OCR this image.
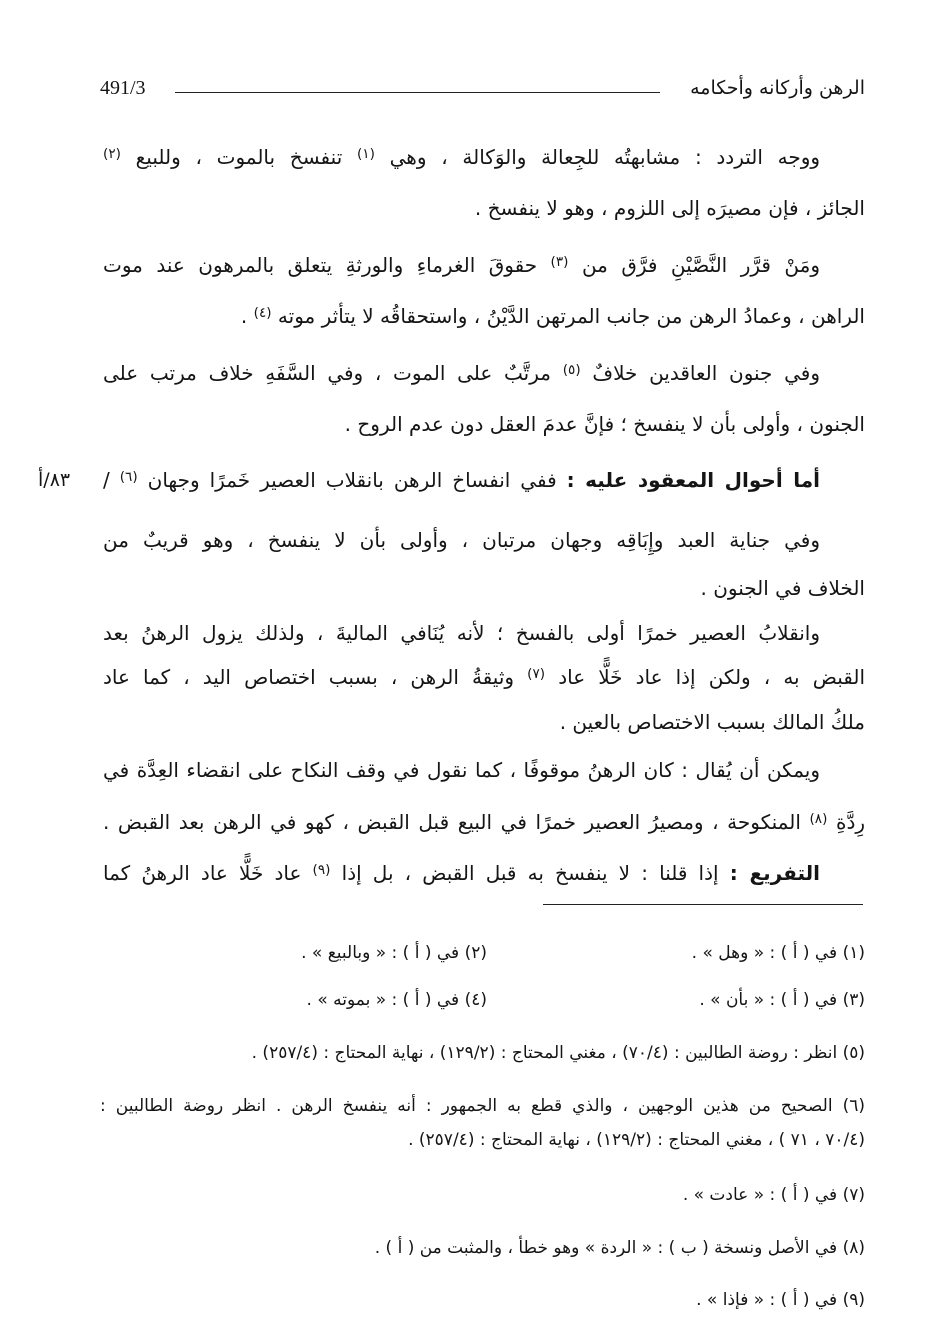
الرهن وأركانه وأحكامه
491/3
ووجه التردد : مشابهتُه للجِعالة والوَكالة ، وهي $^{(١)}$ تنفسخ بالموت ، وللبيع $^{(٢)}$
الجائز ، فإن مصيرَه إلى اللزوم ، وهو لا ينفسخ .
ومَنْ قرَّر النَّصَّيْنِ فرَّق من $^{(٣)}$ حقوقَ الغرماءِ والورثةِ يتعلق بالمرهون عند موت
الراهن ، وعمادُ الرهن من جانب المرتهن الدَّيْنُ ، واستحقاقُه لا يتأثر موته $^{(٤)}$ .
وفي جنون العاقدين خلافٌ $^{(٥)}$ مرتَّبٌ على الموت ، وفي السَّفَهِ خلاف مرتب على
الجنون ، وأولى بأن لا ينفسخ ؛ فإنَّ عدمَ العقل دون عدم الروح .
أما أحوال المعقود عليه : ففي انفساخ الرهن بانقلاب العصير خَمرًا وجهان $^{(٦)}$ /
٨٣/أ
وفي جناية العبد وإِبَاقِه وجهان مرتبان ، وأولى بأن لا ينفسخ ، وهو قريبٌ من
الخلاف في الجنون .
وانقلابُ العصير خمرًا أولى بالفسخ ؛ لأنه يُنَافي الماليةَ ، ولذلك يزول الرهنُ بعد
القبض به ، ولكن إذا عاد خَلًّا عاد $^{(٧)}$ وثيقةُ الرهن ، بسبب اختصاص اليد ، كما عاد
ملكُ المالك بسبب الاختصاص بالعين .
ويمكن أن يُقال : كان الرهنُ موقوفًا ، كما نقول في وقف النكاح على انقضاء العِدَّة في
رِدَّةِ $^{(٨)}$ المنكوحة ، ومصيرُ العصير خمرًا في البيع قبل القبض ، كهو في الرهن بعد القبض .
التفريع : إذا قلنا : لا ينفسخ به قبل القبض ، بل إذا $^{(٩)}$ عاد خَلًّا عاد الرهنُ كما
(١) في ( أ ) : « وهل » .
(٢) في ( أ ) : « وبالبيع » .
(٣) في ( أ ) : « بأن » .
(٤) في ( أ ) : « بموته » .
(٥) انظر : روضة الطالبين : (٧٠/٤) ، مغني المحتاج : (١٢٩/٢) ، نهاية المحتاج : (٢٥٧/٤) .
(٦) الصحيح من هذين الوجهين ، والذي قطع به الجمهور : أنه ينفسخ الرهن . انظر روضة الطالبين :
(٧٠/٤ ، ٧١ ) ، مغني المحتاج : (١٢٩/٢) ، نهاية المحتاج : (٢٥٧/٤) .
(٧) في ( أ ) : « عادت » .
(٨) في الأصل ونسخة ( ب ) : « الردة » وهو خطأ ، والمثبت من ( أ ) .
(٩) في ( أ ) : « فإذا » .
